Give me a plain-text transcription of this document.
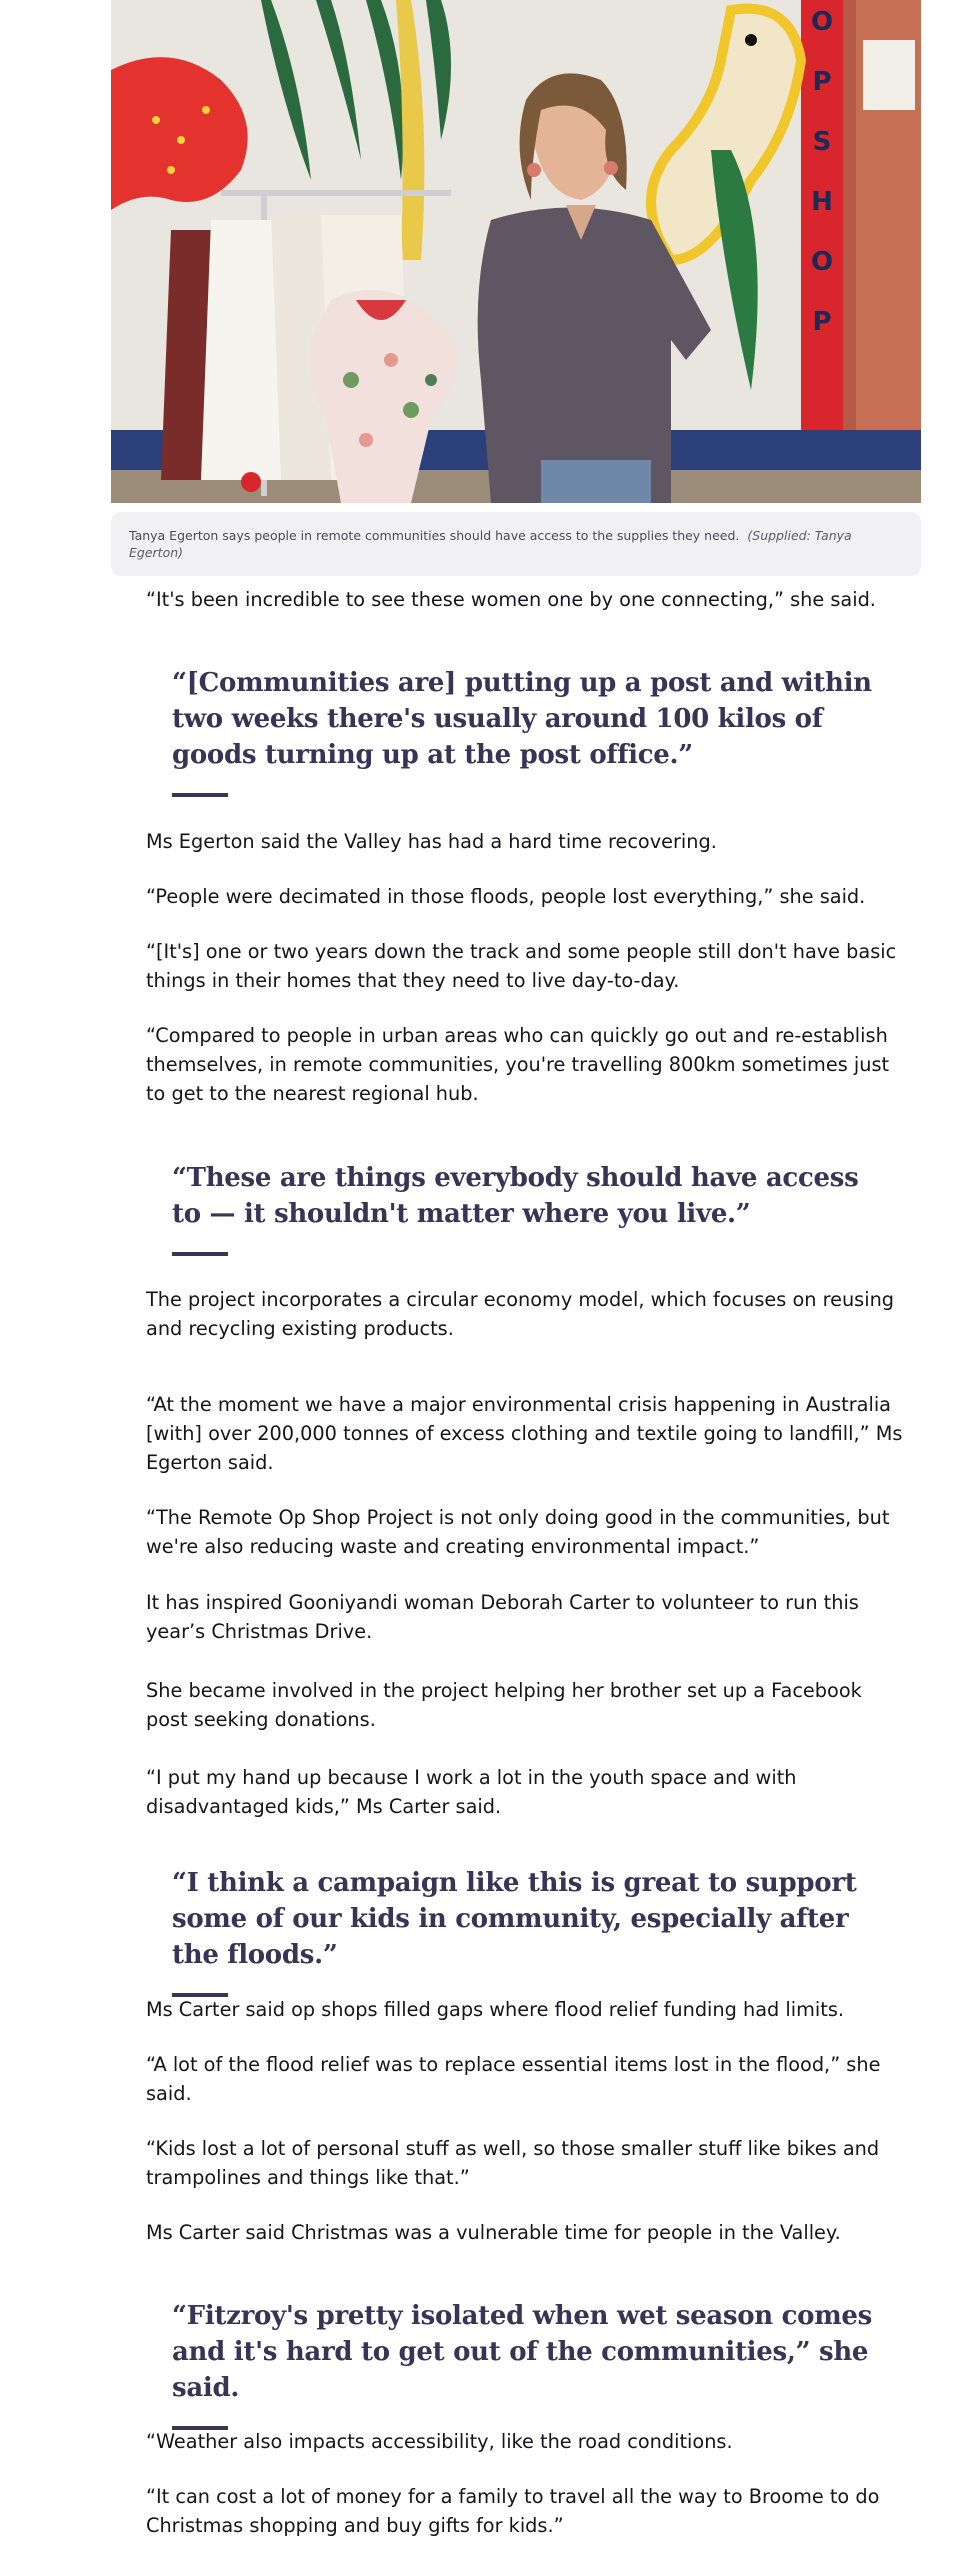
O
P
S
H
O
P
Tanya Egerton says people in remote communities should have access to the supplies they need. (Supplied: Tanya Egerton)

“It's been incredible to see these women one by one connecting,” she said.

“[Communities are] putting up a post and within two weeks there's usually around 100 kilos of goods turning up at the post office.”

Ms Egerton said the Valley has had a hard time recovering.

“People were decimated in those floods, people lost everything,” she said.

“[It's] one or two years down the track and some people still don't have basic things in their homes that they need to live day-to-day.

“Compared to people in urban areas who can quickly go out and re-establish themselves, in remote communities, you're travelling 800km sometimes just to get to the nearest regional hub.

“These are things everybody should have access to — it shouldn't matter where you live.”

The project incorporates a circular economy model, which focuses on reusing and recycling existing products.

“At the moment we have a major environmental crisis happening in Australia [with] over 200,000 tonnes of excess clothing and textile going to landfill,” Ms Egerton said.

“The Remote Op Shop Project is not only doing good in the communities, but we're also reducing waste and creating environmental impact.”

It has inspired Gooniyandi woman Deborah Carter to volunteer to run this year’s Christmas Drive.

She became involved in the project helping her brother set up a Facebook post seeking donations.

“I put my hand up because I work a lot in the youth space and with disadvantaged kids,” Ms Carter said.

“I think a campaign like this is great to support some of our kids in community, especially after the floods.”

Ms Carter said op shops filled gaps where flood relief funding had limits.

“A lot of the flood relief was to replace essential items lost in the flood,” she said.

“Kids lost a lot of personal stuff as well, so those smaller stuff like bikes and trampolines and things like that.”

Ms Carter said Christmas was a vulnerable time for people in the Valley.

“Fitzroy's pretty isolated when wet season comes and it's hard to get out of the communities,” she said.

“Weather also impacts accessibility, like the road conditions.

“It can cost a lot of money for a family to travel all the way to Broome to do Christmas shopping and buy gifts for kids.”
